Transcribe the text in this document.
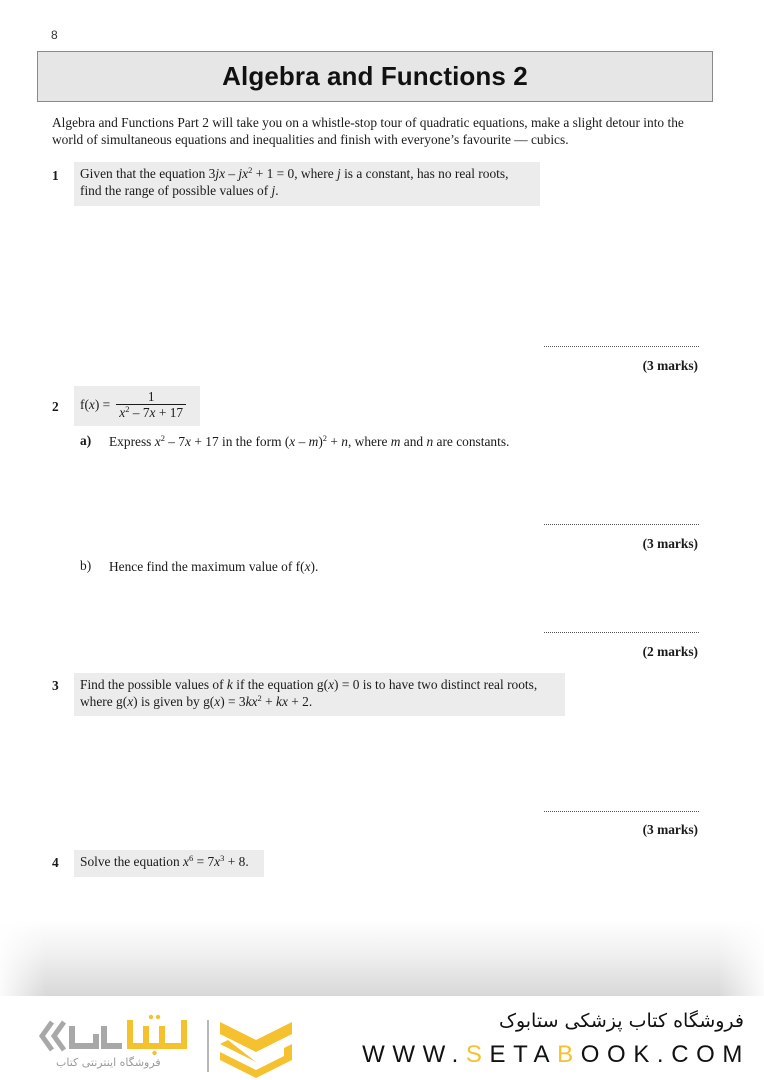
8
Algebra and Functions 2
Algebra and Functions Part 2 will take you on a whistle-stop tour of quadratic equations, make a slight detour into the world of simultaneous equations and inequalities and finish with everyone’s favourite — cubics.
1	Given that the equation $3jx - jx^2 + 1 = 0$, where j is a constant, has no real roots,
find the range of possible values of j.
(3 marks)
2	$f(x) = \frac{1}{x^2 - 7x + 17}$
a) Express $x^2 - 7x + 17$ in the form (x – m)$^2$ + n, where m and n are constants.
(3 marks)
b) Hence find the maximum value of f(x).
(2 marks)
3	Find the possible values of k if the equation g(x) = 0 is to have two distinct real roots,
where g(x) is given by $g(x) = 3kx^2$ + kx + 2.
(3 marks)
4	Solve the equation $x^6 = 7x^3 + 8$.
فروشگاه اینترنتی کتاب
فروشگاه کتاب پزشکی ستابوک
WWW.SETABOOK.COM
